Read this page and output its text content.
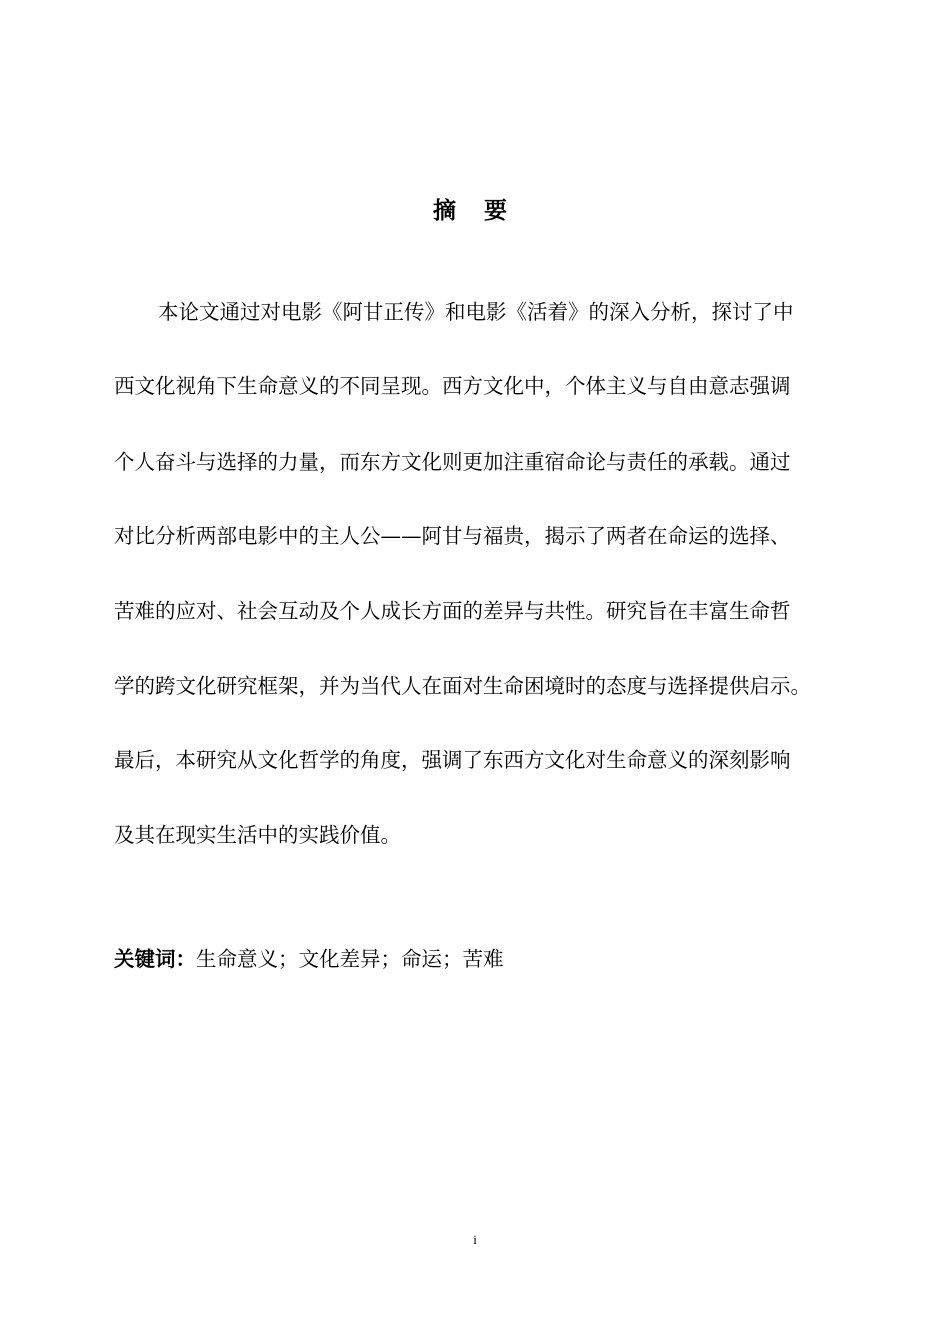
摘 要

本论文通过对电影《阿甘正传》和电影《活着》的深入分析，探讨了中

西文化视角下生命意义的不同呈现。西方文化中，个体主义与自由意志强调

个人奋斗与选择的力量，而东方文化则更加注重宿命论与责任的承载。通过

对比分析两部电影中的主人公——阿甘与福贵，揭示了两者在命运的选择、

苦难的应对、社会互动及个人成长方面的差异与共性。研究旨在丰富生命哲

学的跨文化研究框架，并为当代人在面对生命困境时的态度与选择提供启示。

最后，本研究从文化哲学的角度，强调了东西方文化对生命意义的深刻影响

及其在现实生活中的实践价值。

关键词：生命意义；文化差异；命运；苦难
i
